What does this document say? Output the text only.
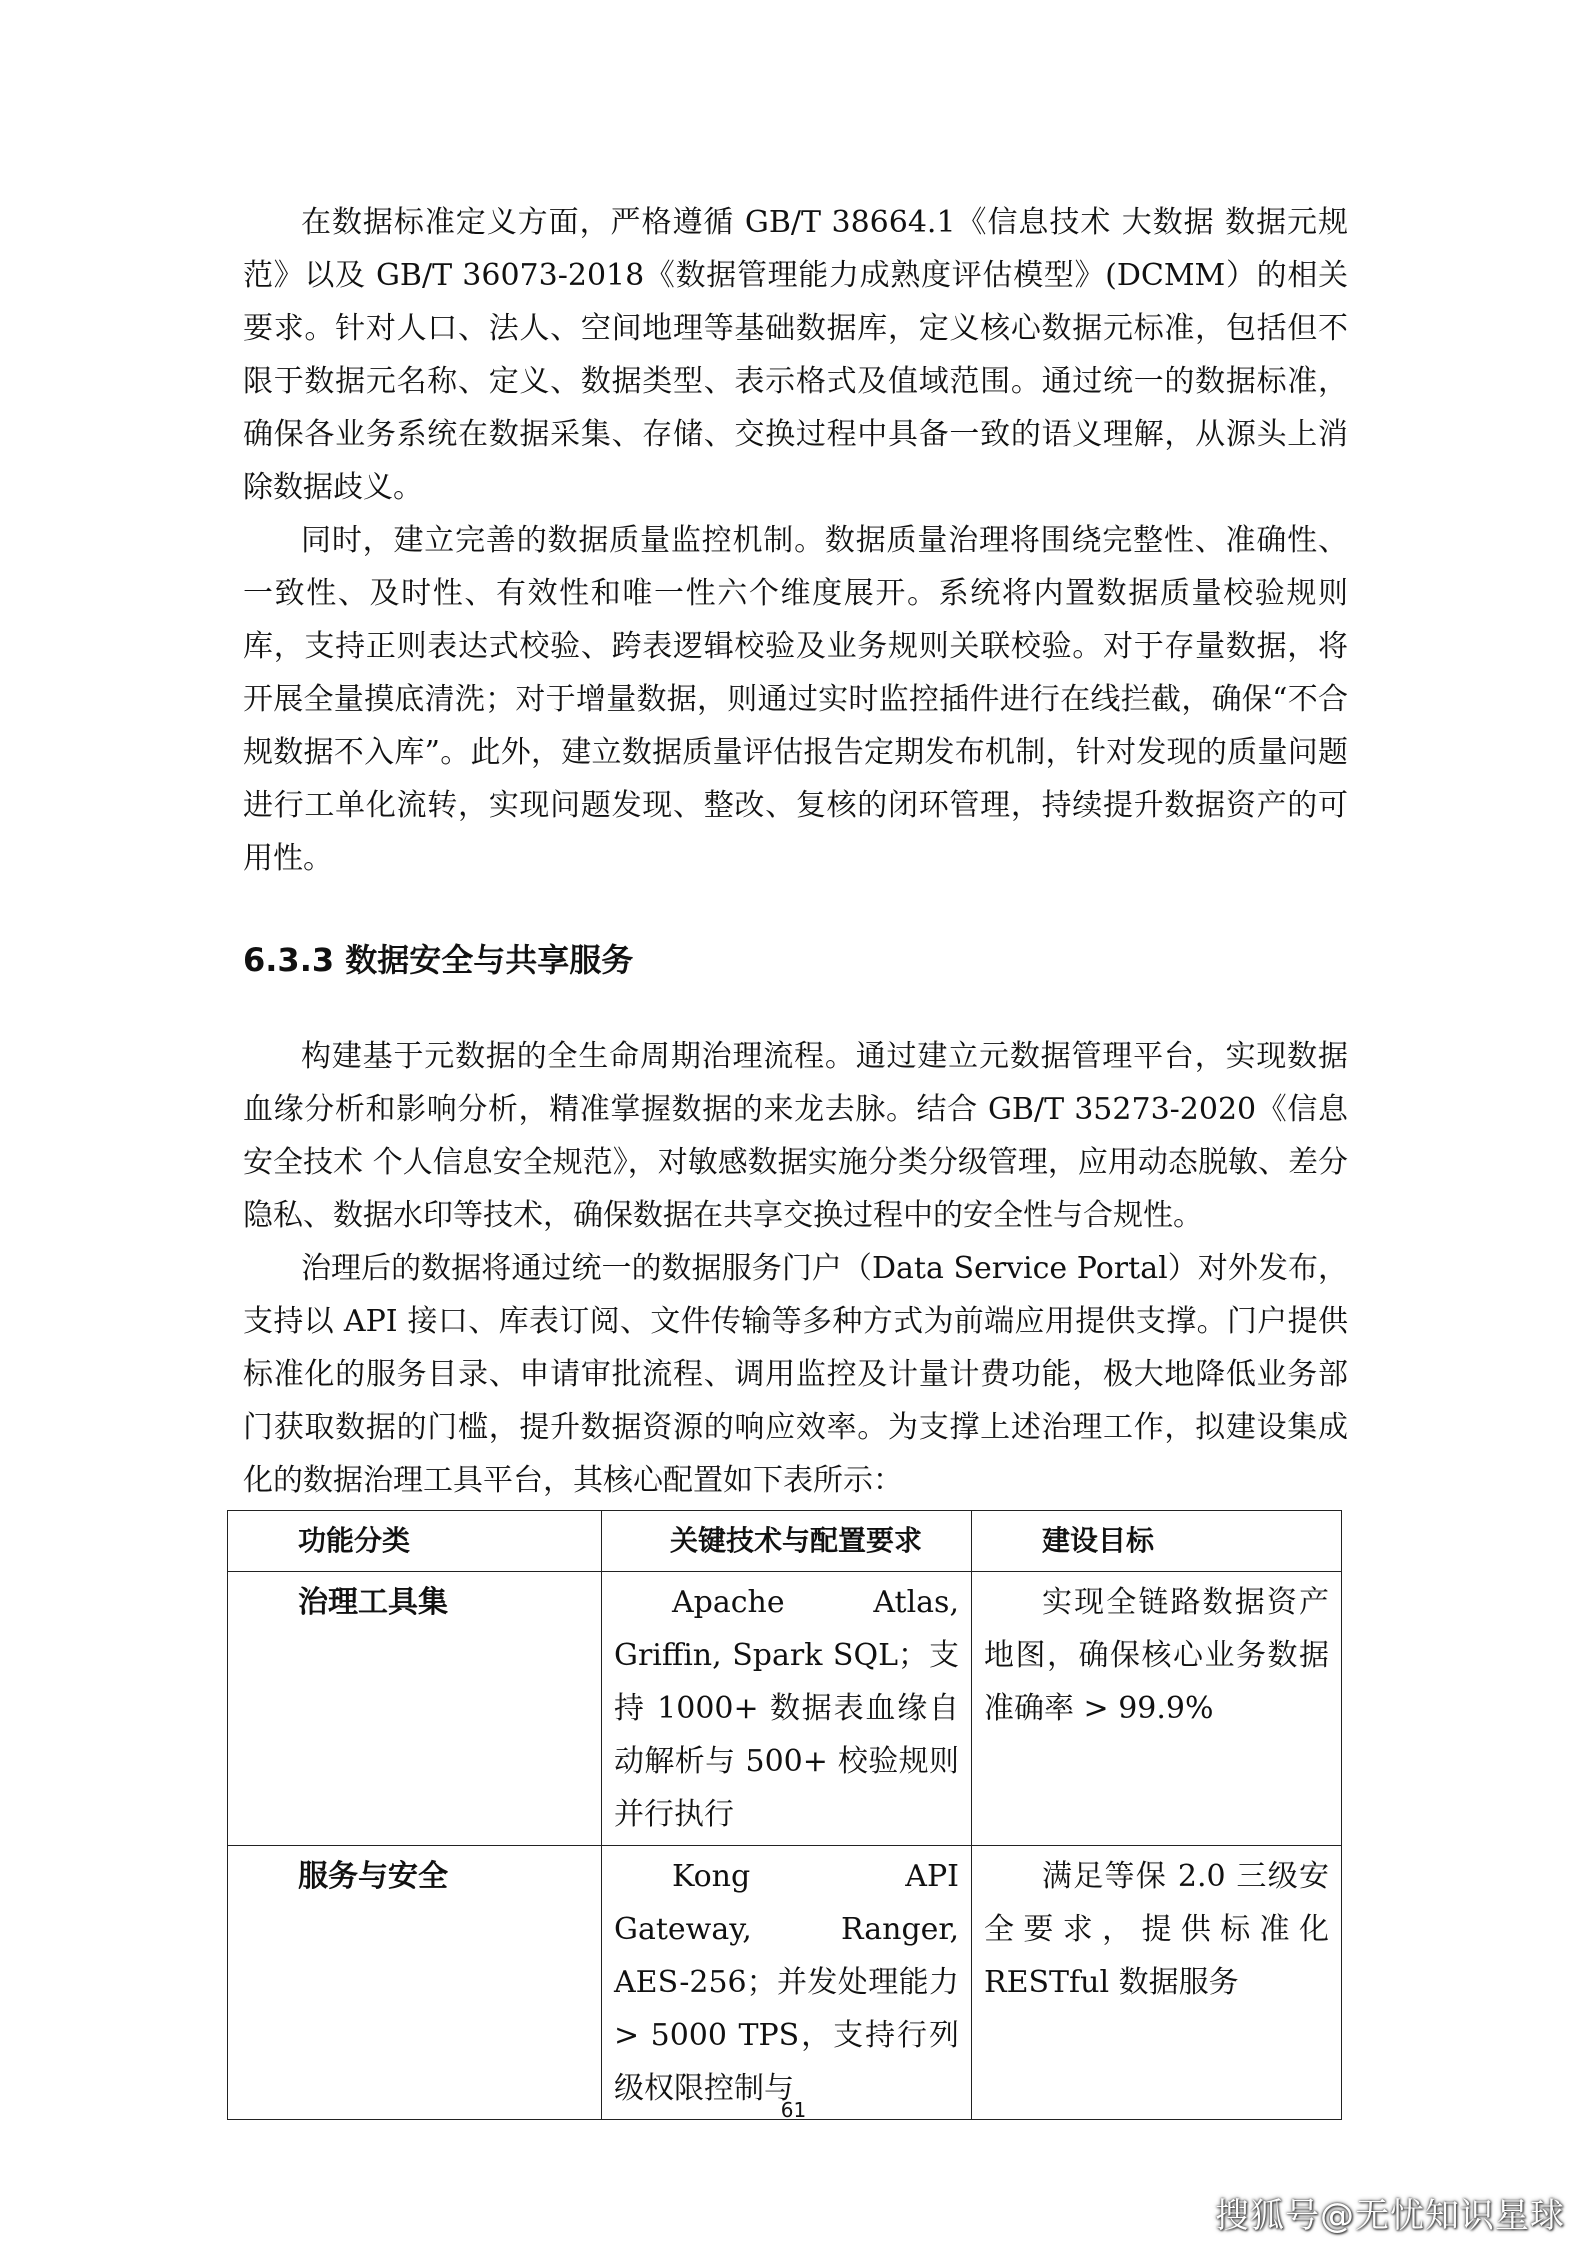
在数据标准定义方面，严格遵循 GB/T 38664.1《信息技术 大数据 数据元规范》以及 GB/T 36073-2018《数据管理能力成熟度评估模型》(DCMM）的相关要求。针对人口、法人、空间地理等基础数据库，定义核心数据元标准，包括但不限于数据元名称、定义、数据类型、表示格式及值域范围。通过统一的数据标准，确保各业务系统在数据采集、存储、交换过程中具备一致的语义理解，从源头上消除数据歧义。

同时，建立完善的数据质量监控机制。数据质量治理将围绕完整性、准确性、一致性、及时性、有效性和唯一性六个维度展开。系统将内置数据质量校验规则库，支持正则表达式校验、跨表逻辑校验及业务规则关联校验。对于存量数据，将开展全量摸底清洗；对于增量数据，则通过实时监控插件进行在线拦截，确保“不合规数据不入库”。此外，建立数据质量评估报告定期发布机制，针对发现的质量问题进行工单化流转，实现问题发现、整改、复核的闭环管理，持续提升数据资产的可用性。

6.3.3 数据安全与共享服务

构建基于元数据的全生命周期治理流程。通过建立元数据管理平台，实现数据血缘分析和影响分析，精准掌握数据的来龙去脉。结合 GB/T 35273-2020《信息安全技术 个人信息安全规范》，对敏感数据实施分类分级管理，应用动态脱敏、差分隐私、数据水印等技术，确保数据在共享交换过程中的安全性与合规性。

治理后的数据将通过统一的数据服务门户（Data Service Portal）对外发布，支持以 API 接口、库表订阅、文件传输等多种方式为前端应用提供支撑。门户提供标准化的服务目录、申请审批流程、调用监控及计量计费功能，极大地降低业务部门获取数据的门槛，提升数据资源的响应效率。为支撑上述治理工作，拟建设集成化的数据治理工具平台，其核心配置如下表所示：

功能分类	关键技术与配置要求	建设目标
治理工具集	Apache Atlas, Griffin, Spark SQL；支持 1000+ 数据表血缘自动解析与 500+ 校验规则并行执行	实现全链路数据资产地图，确保核心业务数据准确率 > 99.9%
服务与安全	Kong API Gateway, Ranger, AES-256；并发处理能力 > 5000 TPS，支持行列级权限控制与	满足等保 2.0 三级安全要求，提供标准化 RESTful 数据服务
61
搜狐号@无忧知识星球
